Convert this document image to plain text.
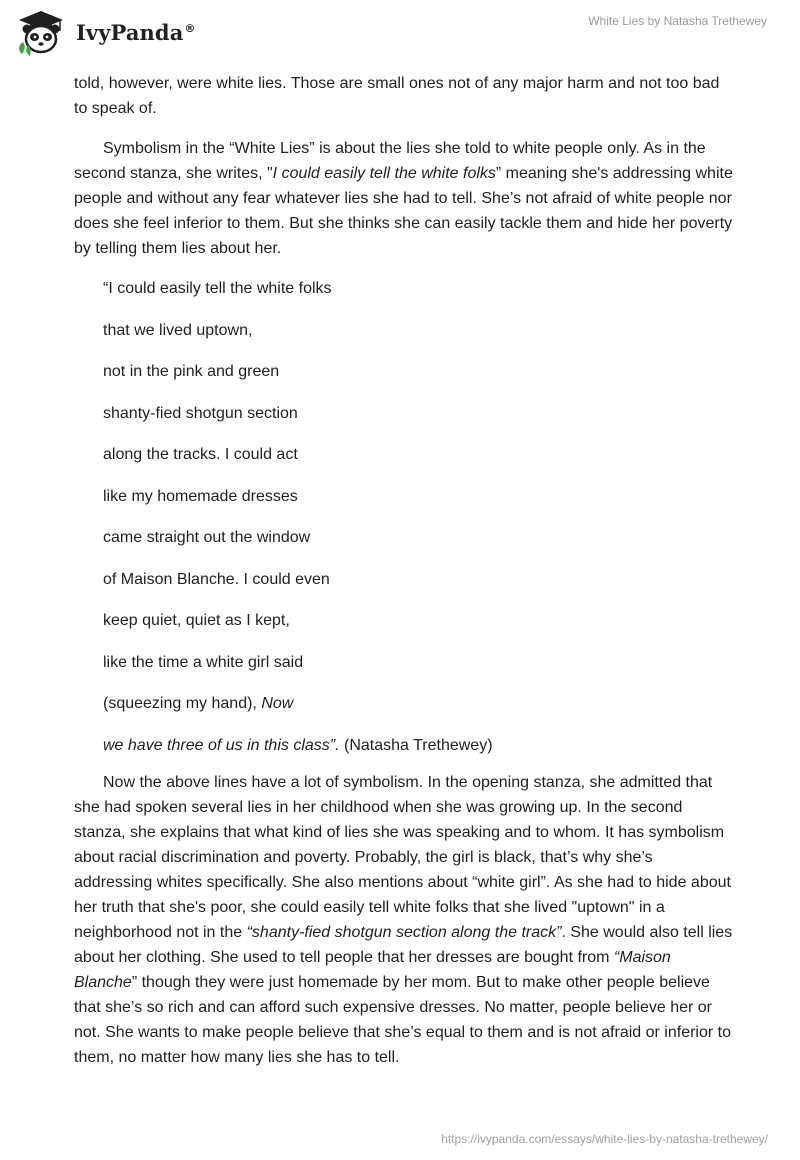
IvyPanda®	White Lies by Natasha Trethewey

told, however, were white lies. Those are small ones not of any major harm and not too bad to speak of.

Symbolism in the “White Lies” is about the lies she told to white people only. As in the second stanza, she writes, "I could easily tell the white folks” meaning she's addressing white people and without any fear whatever lies she had to tell. She’s not afraid of white people nor does she feel inferior to them. But she thinks she can easily tackle them and hide her poverty by telling them lies about her.

“I could easily tell the white folks
that we lived uptown,
not in the pink and green
shanty-fied shotgun section
along the tracks. I could act
like my homemade dresses
came straight out the window
of Maison Blanche. I could even
keep quiet, quiet as I kept,
like the time a white girl said
(squeezing my hand), Now
we have three of us in this class”. (Natasha Trethewey)

Now the above lines have a lot of symbolism. In the opening stanza, she admitted that she had spoken several lies in her childhood when she was growing up. In the second stanza, she explains that what kind of lies she was speaking and to whom. It has symbolism about racial discrimination and poverty. Probably, the girl is black, that’s why she’s addressing whites specifically. She also mentions about “white girl”. As she had to hide about her truth that she's poor, she could easily tell white folks that she lived "uptown" in a neighborhood not in the “shanty-fied shotgun section along the track”. She would also tell lies about her clothing. She used to tell people that her dresses are bought from “Maison Blanche” though they were just homemade by her mom. But to make other people believe that she’s so rich and can afford such expensive dresses. No matter, people believe her or not. She wants to make people believe that she’s equal to them and is not afraid or inferior to them, no matter how many lies she has to tell.

https://ivypanda.com/essays/white-lies-by-natasha-trethewey/
